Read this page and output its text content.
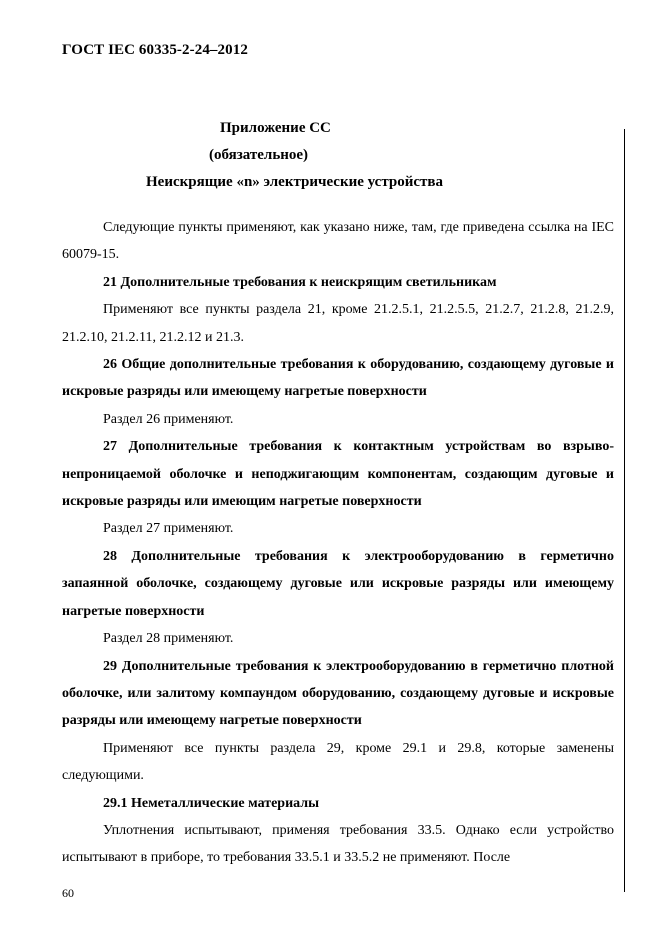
ГОСТ IEC 60335-2-24–2012
Приложение СС
(обязательное)
Неискрящие «n» электрические устройства

Следующие пункты применяют, как указано ниже, там, где приведена ссылка на IEC 60079-15.

21 Дополнительные требования к неискрящим светильникам

Применяют все пункты раздела 21, кроме 21.2.5.1, 21.2.5.5, 21.2.7, 21.2.8, 21.2.9, 21.2.10, 21.2.11, 21.2.12 и 21.3.

26 Общие дополнительные требования к оборудованию, создающему дуговые и искровые разряды или имеющему нагретые поверхности

Раздел 26 применяют.

27 Дополнительные требования к контактным устройствам во взрывонепроницаемой оболочке и неподжигающим компонентам, создающим дуговые и искровые разряды или имеющим нагретые поверхности

Раздел 27 применяют.

28 Дополнительные требования к электрооборудованию в герметично запаянной оболочке, создающему дуговые или искровые разряды или имеющему нагретые поверхности

Раздел 28 применяют.

29 Дополнительные требования к электрооборудованию в герметично плотной оболочке, или залитому компаундом оборудованию, создающему дуговые и искровые разряды или имеющему нагретые поверхности

Применяют все пункты раздела 29, кроме 29.1 и 29.8, которые заменены следующими.

29.1 Неметаллические материалы

Уплотнения испытывают, применяя требования 33.5. Однако если устройство испытывают в приборе, то требования 33.5.1 и 33.5.2 не применяют. После

60
